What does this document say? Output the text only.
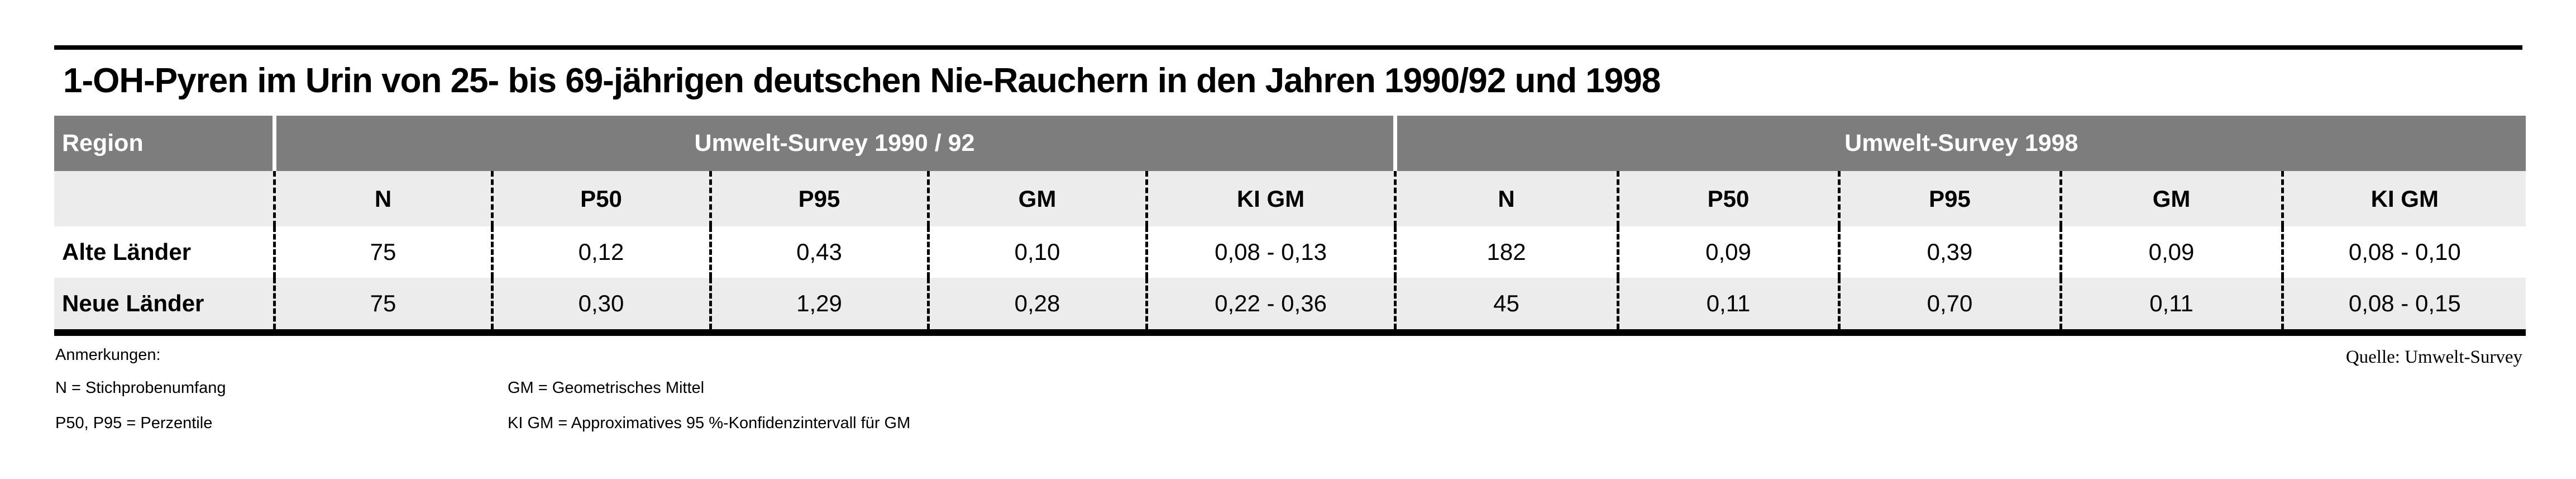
1-OH-Pyren im Urin von 25- bis 69-jährigen deutschen Nie-Rauchern in den Jahren 1990/92 und 1998
Region	Umwelt-Survey 1990 / 92					Umwelt-Survey 1998				
	N	P50	P95	GM	KI GM	N	P50	P95	GM	KI GM
Alte Länder	75	0,12	0,43	0,10	0,08 - 0,13	182	0,09	0,39	0,09	0,08 - 0,10
Neue Länder	75	0,30	1,29	0,28	0,22 - 0,36	45	0,11	0,70	0,11	0,08 - 0,15
Anmerkungen:
N = Stichprobenumfang	GM = Geometrisches Mittel
P50, P95 = Perzentile	KI GM = Approximatives 95 %-Konfidenzintervall für GM
Quelle: Umwelt-Survey
